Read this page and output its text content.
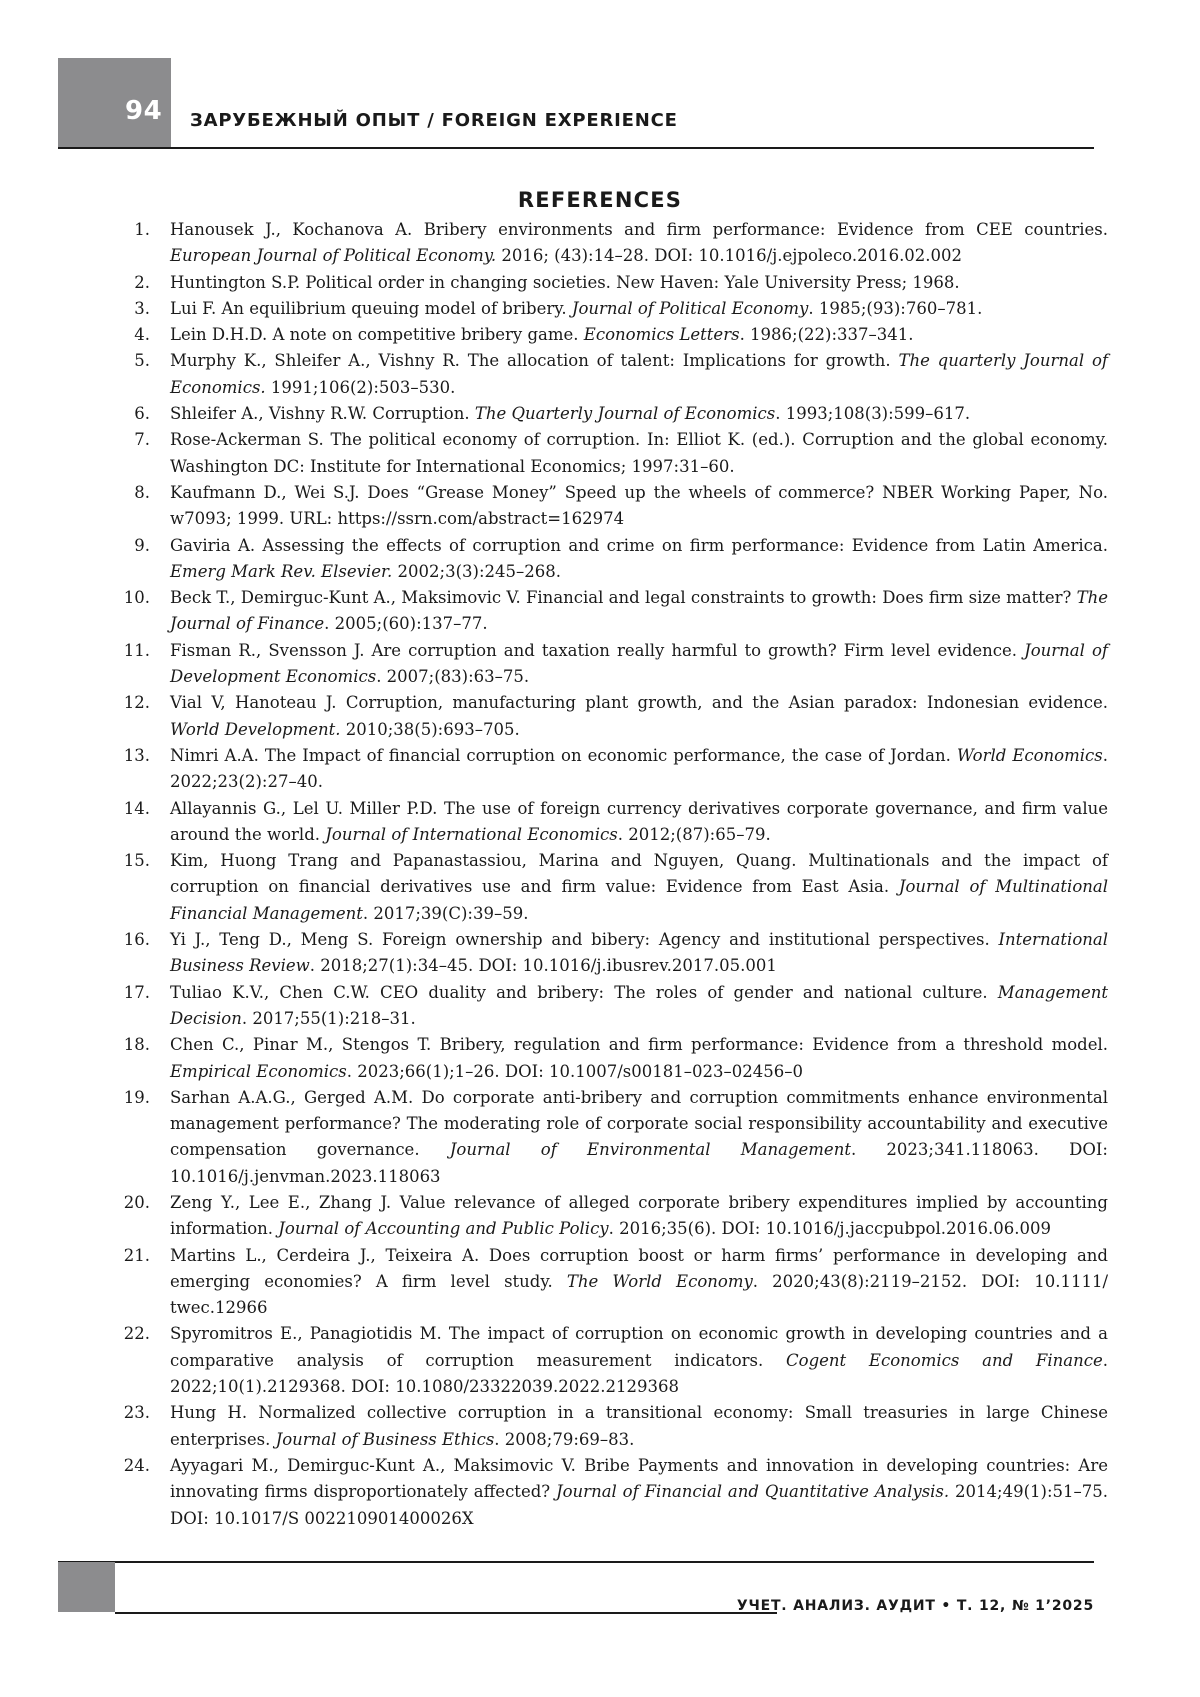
94 ЗАРУБЕЖНЫЙ ОПЫТ / FOREIGN EXPERIENCE
REFERENCES
1. Hanousek J., Kochanova A. Bribery environments and firm performance: Evidence from CEE countries. European Journal of Political Economy. 2016; (43):14–28. DOI: 10.1016/j.ejpoleco.2016.02.002
2. Huntington S.P. Political order in changing societies. New Haven: Yale University Press; 1968.
3. Lui F. An equilibrium queuing model of bribery. Journal of Political Economy. 1985;(93):760–781.
4. Lein D.H.D. A note on competitive bribery game. Economics Letters. 1986;(22):337–341.
5. Murphy K., Shleifer A., Vishny R. The allocation of talent: Implications for growth. The quarterly Journal of Economics. 1991;106(2):503–530.
6. Shleifer A., Vishny R.W. Corruption. The Quarterly Journal of Economics. 1993;108(3):599–617.
7. Rose-Ackerman S. The political economy of corruption. In: Elliot K. (ed.). Corruption and the global economy. Washington DC: Institute for International Economics; 1997:31–60.
8. Kaufmann D., Wei S.J. Does “Grease Money” Speed up the wheels of commerce? NBER Working Paper, No. w7093; 1999. URL: https://ssrn.com/abstract=162974
9. Gaviria A. Assessing the effects of corruption and crime on firm performance: Evidence from Latin America. Emerg Mark Rev. Elsevier. 2002;3(3):245–268.
10. Beck T., Demirguc-Kunt A., Maksimovic V. Financial and legal constraints to growth: Does firm size matter? The Journal of Finance. 2005;(60):137–77.
11. Fisman R., Svensson J. Are corruption and taxation really harmful to growth? Firm level evidence. Journal of Development Economics. 2007;(83):63–75.
12. Vial V, Hanoteau J. Corruption, manufacturing plant growth, and the Asian paradox: Indonesian evidence. World Development. 2010;38(5):693–705.
13. Nimri A.A. The Impact of financial corruption on economic performance, the case of Jordan. World Economics. 2022;23(2):27–40.
14. Allayannis G., Lel U. Miller P.D. The use of foreign currency derivatives corporate governance, and firm value around the world. Journal of International Economics. 2012;(87):65–79.
15. Kim, Huong Trang and Papanastassiou, Marina and Nguyen, Quang. Multinationals and the impact of corruption on financial derivatives use and firm value: Evidence from East Asia. Journal of Multinational Financial Management. 2017;39(C):39–59.
16. Yi J., Teng D., Meng S. Foreign ownership and bibery: Agency and institutional perspectives. International Business Review. 2018;27(1):34–45. DOI: 10.1016/j.ibusrev.2017.05.001
17. Tuliao K.V., Chen C.W. CEO duality and bribery: The roles of gender and national culture. Management Decision. 2017;55(1):218–31.
18. Chen C., Pinar M., Stengos T. Bribery, regulation and firm performance: Evidence from a threshold model. Empirical Economics. 2023;66(1);1–26. DOI: 10.1007/s00181–023–02456–0
19. Sarhan A.A.G., Gerged A.M. Do corporate anti-bribery and corruption commitments enhance environmental management performance? The moderating role of corporate social responsibility accountability and executive compensation governance. Journal of Environmental Management. 2023;341.118063. DOI: 10.1016/j.jenvman.2023.118063
20. Zeng Y., Lee E., Zhang J. Value relevance of alleged corporate bribery expenditures implied by accounting information. Journal of Accounting and Public Policy. 2016;35(6). DOI: 10.1016/j.jaccpubpol.2016.06.009
21. Martins L., Cerdeira J., Teixeira A. Does corruption boost or harm firms’ performance in developing and emerging economies? A firm level study. The World Economy. 2020;43(8):2119–2152. DOI: 10.1111/ twec.12966
22. Spyromitros E., Panagiotidis M. The impact of corruption on economic growth in developing countries and a comparative analysis of corruption measurement indicators. Cogent Economics and Finance. 2022;10(1).2129368. DOI: 10.1080/23322039.2022.2129368
23. Hung H. Normalized collective corruption in a transitional economy: Small treasuries in large Chinese enterprises. Journal of Business Ethics. 2008;79:69–83.
24. Ayyagari M., Demirguc-Kunt A., Maksimovic V. Bribe Payments and innovation in developing countries: Are innovating firms disproportionately affected? Journal of Financial and Quantitative Analysis. 2014;49(1):51–75. DOI: 10.1017/S 002210901400026X
УЧЕТ. АНАЛИЗ. АУДИТ • Т. 12, № 1’2025
